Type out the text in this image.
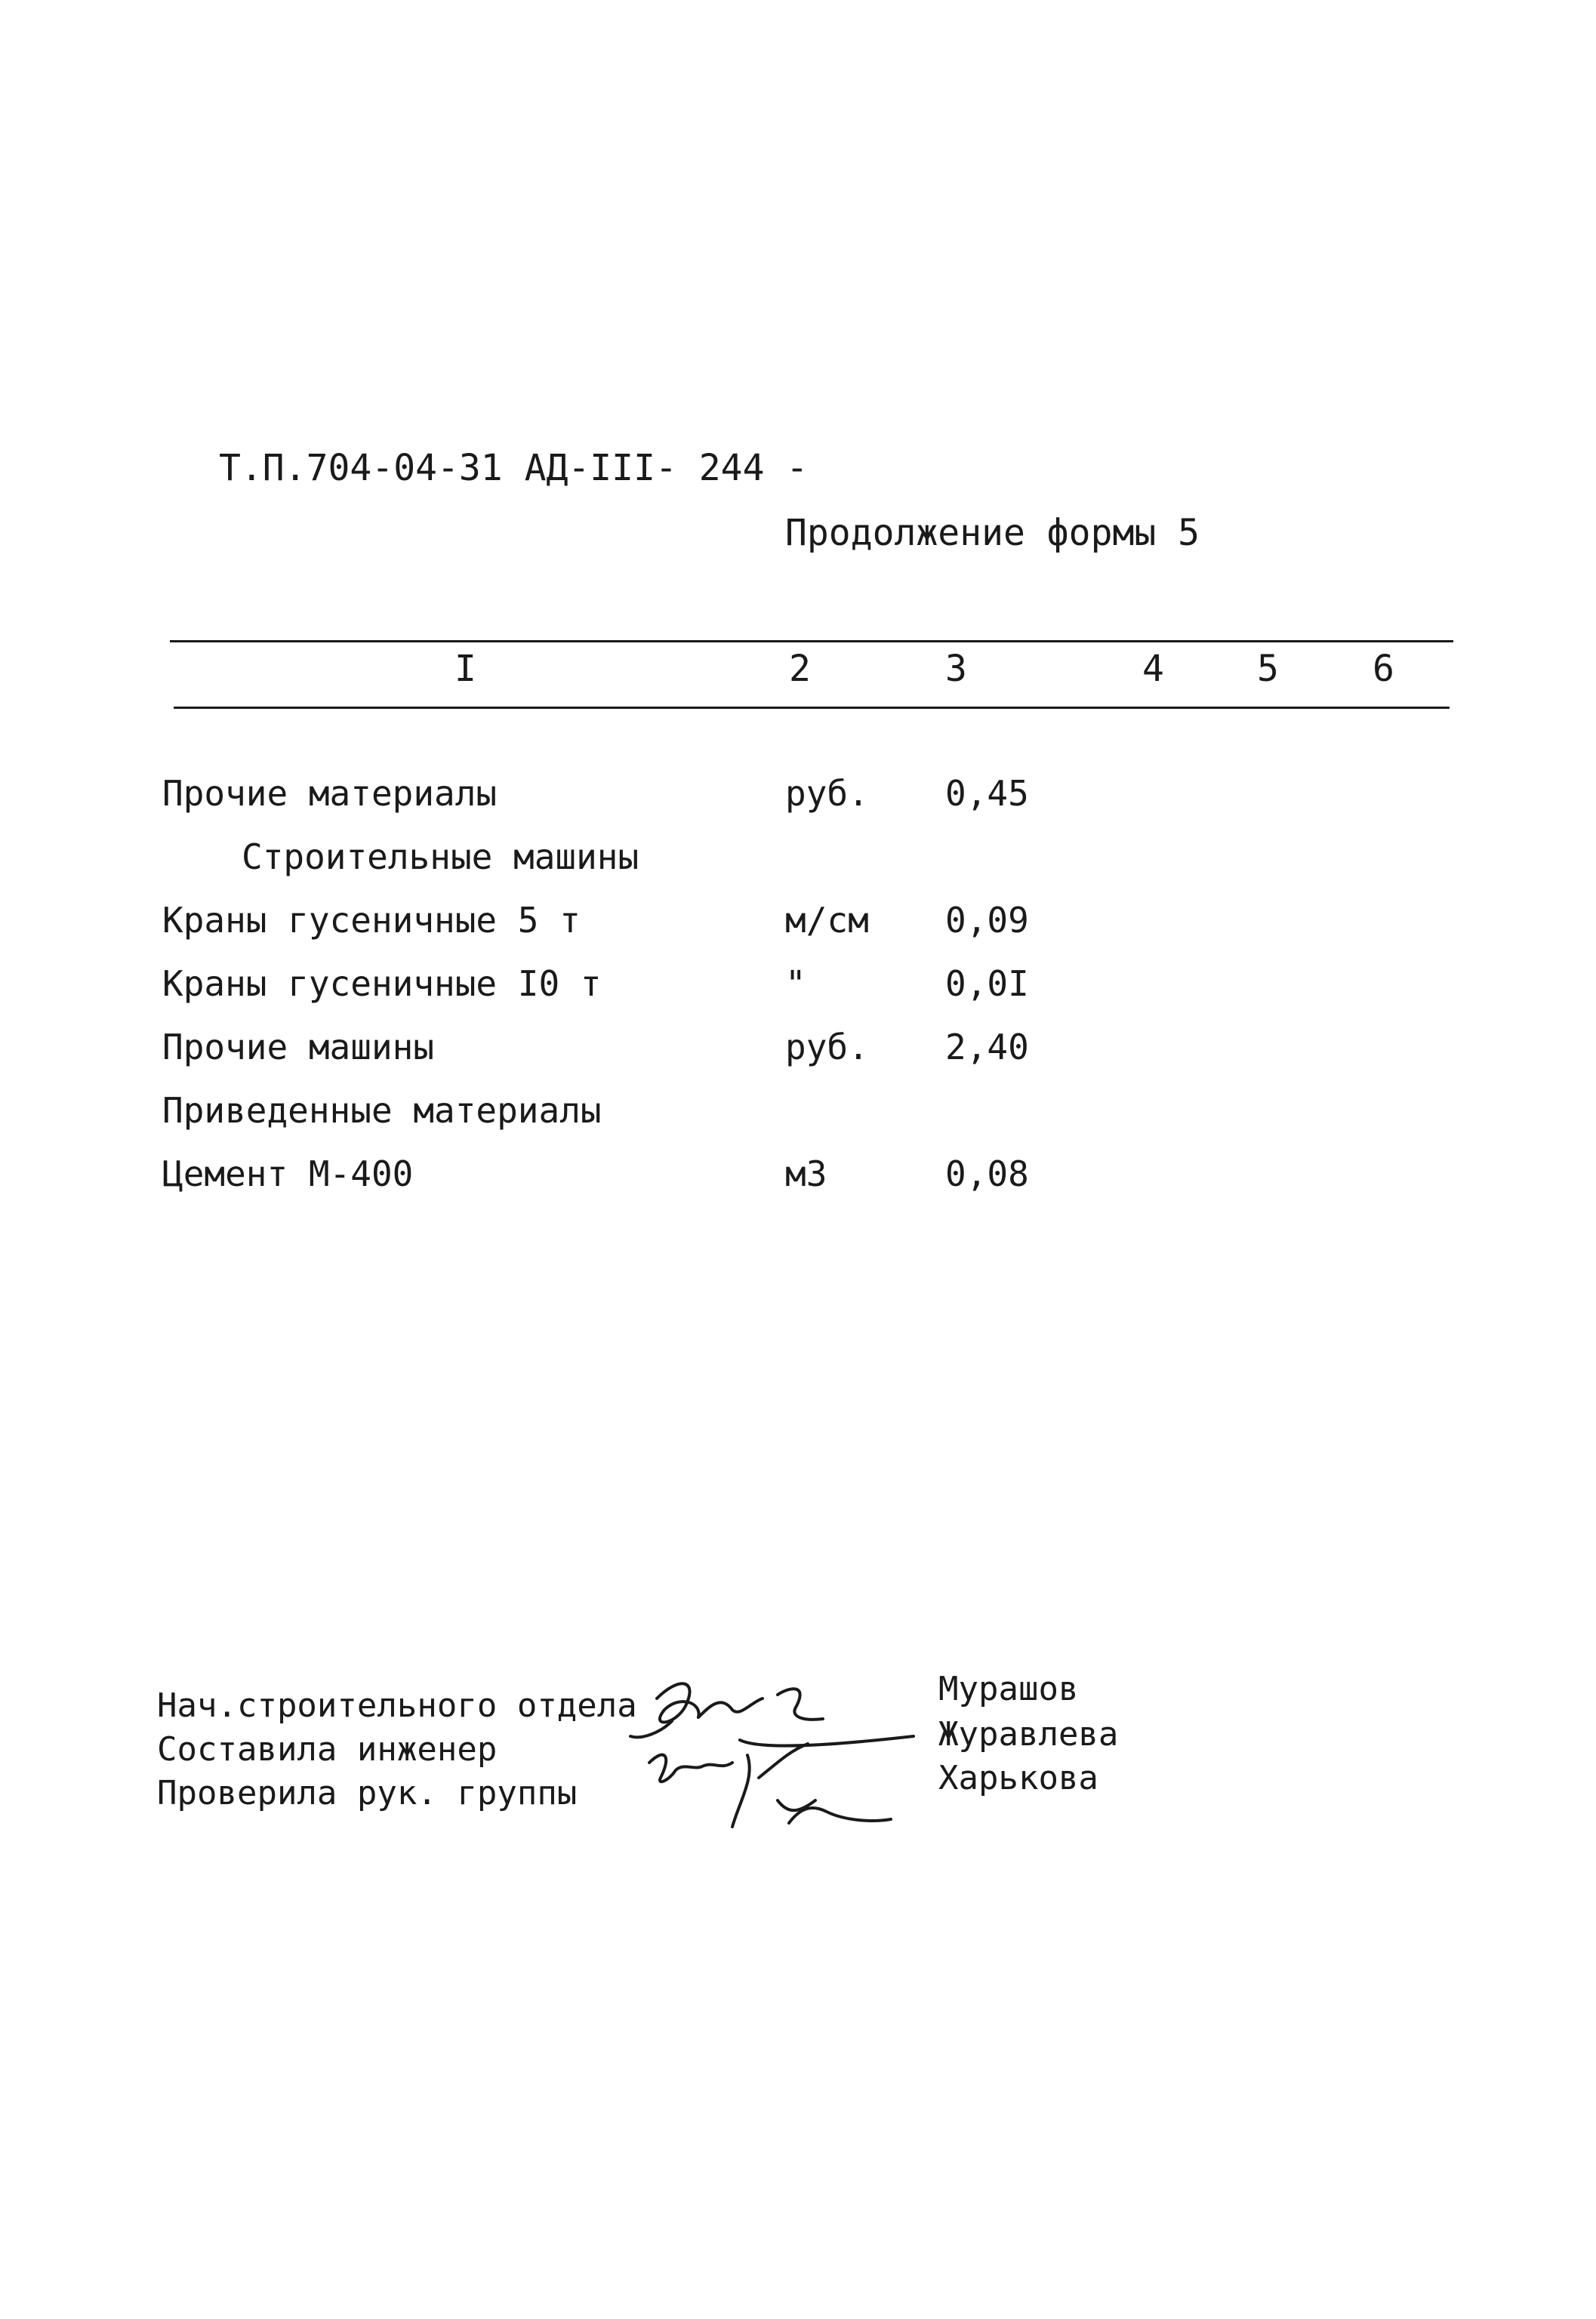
Т.П.704-04-31 АД-III- 244 -
Продолжение формы 5
I	2	3	4	5	6
Прочие материалы	руб. 0,45
Строительные машины
Краны гусеничные 5 т	м/см 0,09
Краны гусеничные I0 т	"	0,0I
Прочие машины	руб. 2,40
Приведенные материалы
Цемент М-400	м3	0,08
Нач.строительного отдела
Составила инженер
Проверила рук. группы
Мурашов
Журавлева
Харькова
